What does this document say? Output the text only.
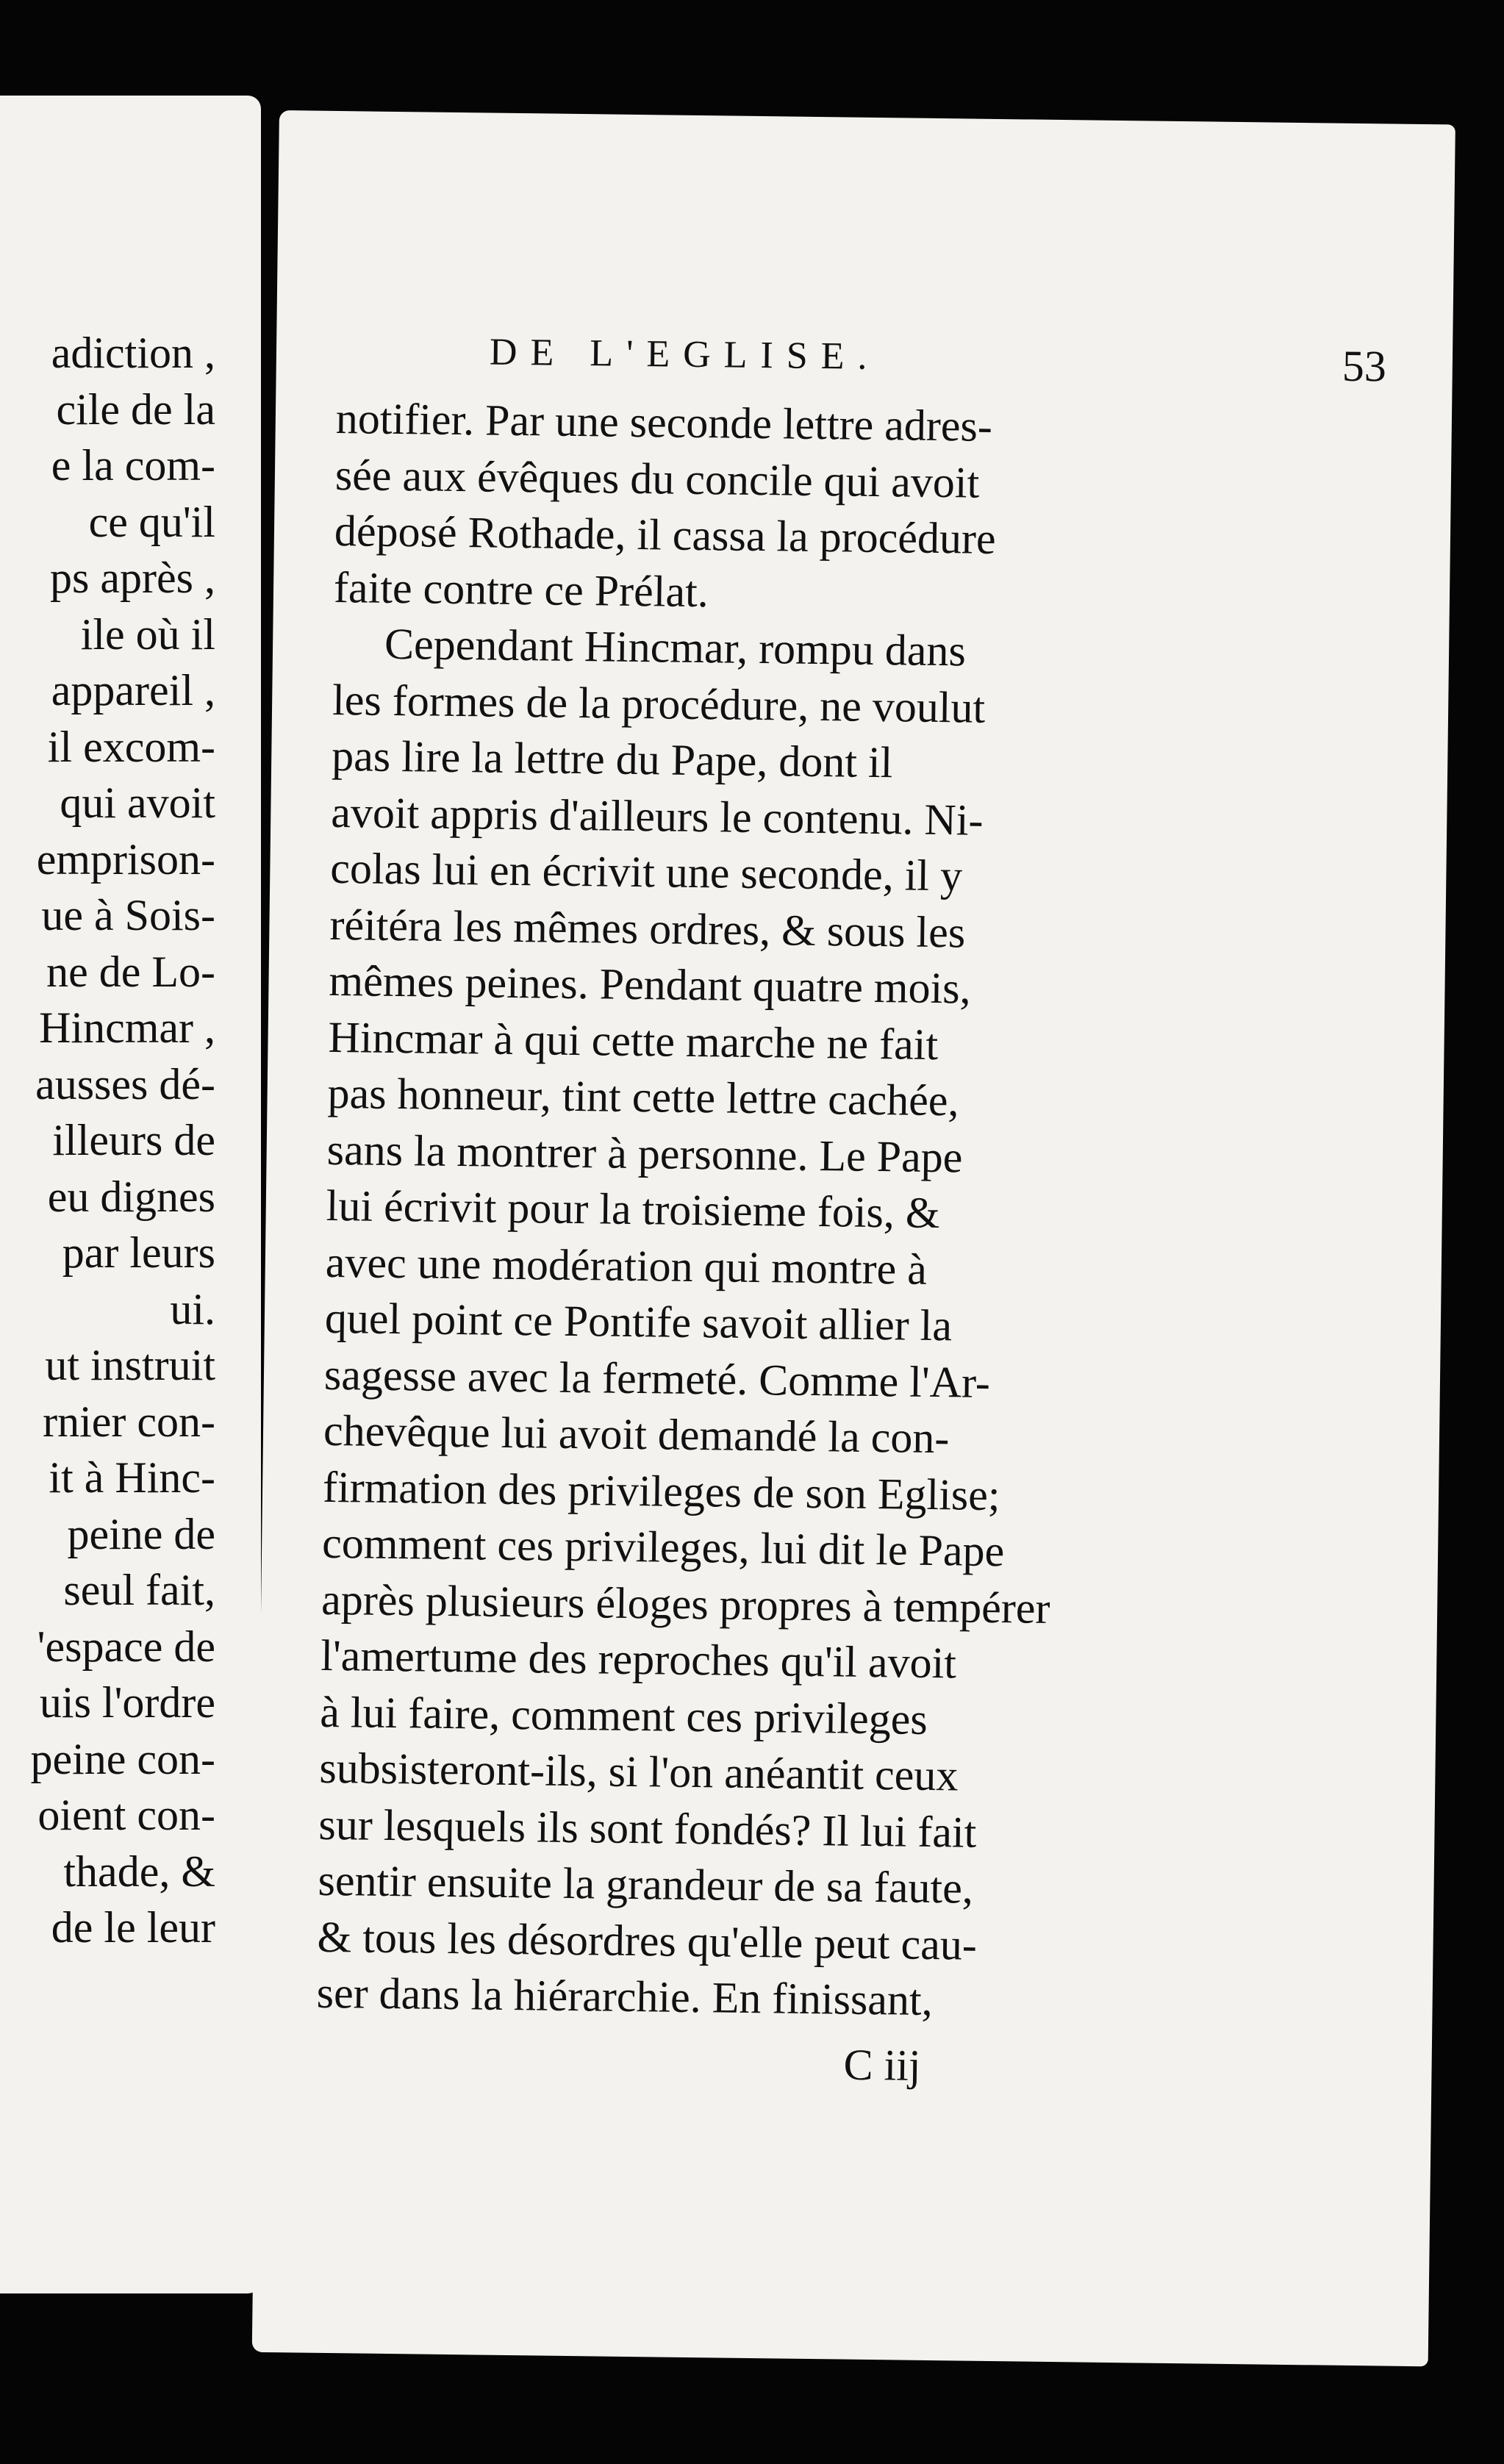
adiction ,
cile de la
e la com-
ce qu'il
ps après ,
ile où il
appareil ,
il excom-
qui avoit
emprison-
ue à Sois-
ne de Lo-
Hincmar ,
ausses dé-
illeurs de
eu dignes
par leurs
ui.
ut instruit
rnier con-
it à Hinc-
peine de
seul fait,
'espace de
uis l'ordre
peine con-
oient con-
thade, &
de le leur
DE L'EGLISE.	53
notifier. Par une seconde lettre adres-
sée aux évêques du concile qui avoit
déposé Rothade, il cassa la procédure
faite contre ce Prélat.
Cependant Hincmar, rompu dans
les formes de la procédure, ne voulut
pas lire la lettre du Pape, dont il
avoit appris d'ailleurs le contenu. Ni-
colas lui en écrivit une seconde, il y
réitéra les mêmes ordres, & sous les
mêmes peines. Pendant quatre mois,
Hincmar à qui cette marche ne fait
pas honneur, tint cette lettre cachée,
sans la montrer à personne. Le Pape
lui écrivit pour la troisieme fois, &
avec une modération qui montre à
quel point ce Pontife savoit allier la
sagesse avec la fermeté. Comme l'Ar-
chevêque lui avoit demandé la con-
firmation des privileges de son Eglise;
comment ces privileges, lui dit le Pape
après plusieurs éloges propres à tempérer
l'amertume des reproches qu'il avoit
à lui faire, comment ces privileges
subsisteront-ils, si l'on anéantit ceux
sur lesquels ils sont fondés? Il lui fait
sentir ensuite la grandeur de sa faute,
& tous les désordres qu'elle peut cau-
ser dans la hiérarchie. En finissant,
C iij
